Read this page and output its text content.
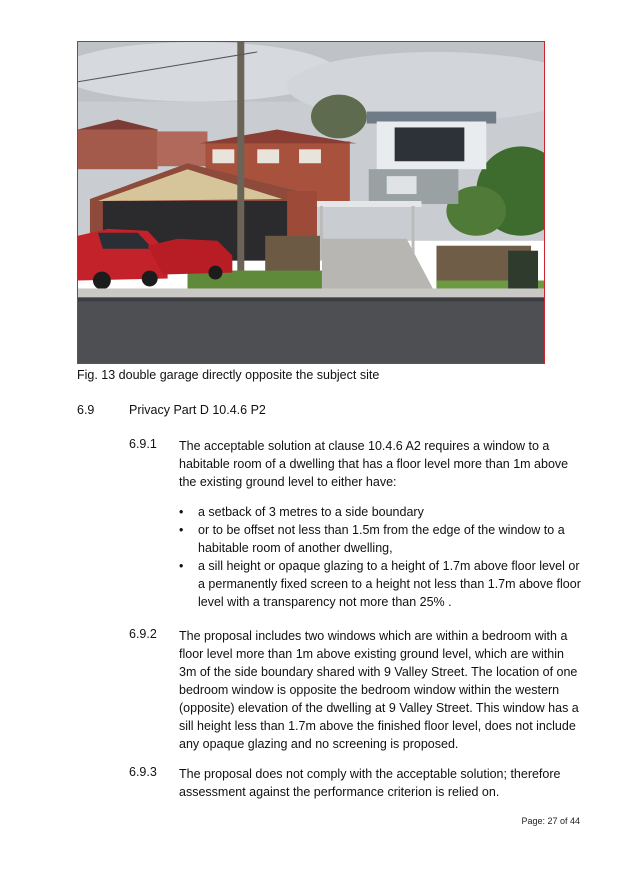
Fig. 13 double garage directly opposite the subject site
6.9	Privacy Part D 10.4.6 P2
6.9.1 The acceptable solution at clause 10.4.6 A2 requires a window to a habitable room of a dwelling that has a floor level more than 1m above the existing ground level to either have:
• a setback of 3 metres to a side boundary
• or to be offset not less than 1.5m from the edge of the window to a habitable room of another dwelling,
• a sill height or opaque glazing to a height of 1.7m above floor level or a permanently fixed screen to a height not less than 1.7m above floor level with a transparency not more than 25% .
6.9.2 The proposal includes two windows which are within a bedroom with a floor level more than 1m above existing ground level, which are within 3m of the side boundary shared with 9 Valley Street. The location of one bedroom window is opposite the bedroom window within the western (opposite) elevation of the dwelling at 9 Valley Street. This window has a sill height less than 1.7m above the finished floor level, does not include any opaque glazing and no screening is proposed.
6.9.3 The proposal does not comply with the acceptable solution; therefore assessment against the performance criterion is relied on.
Page: 27 of 44
